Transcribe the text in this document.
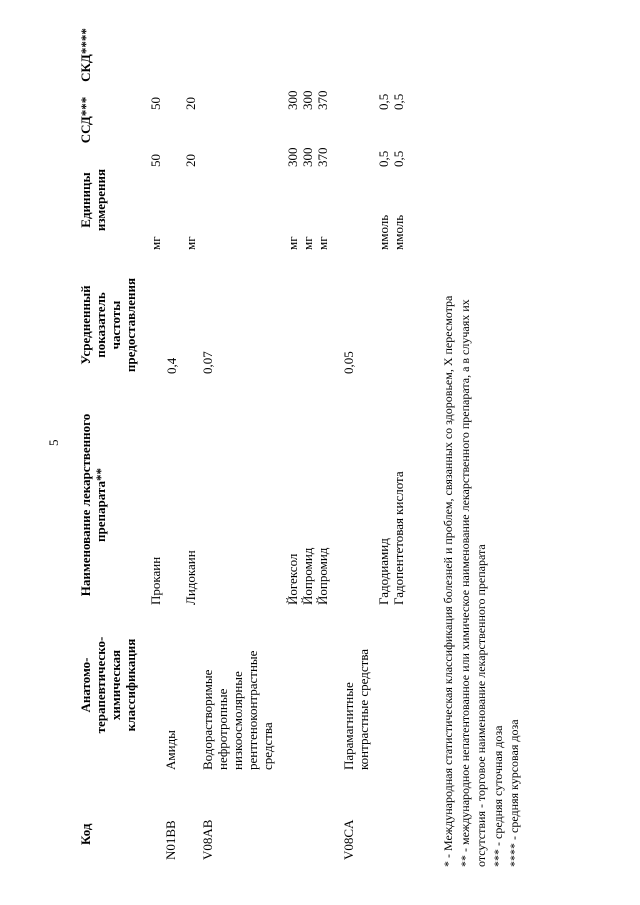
5
Код
Анатомо- терапевтическо- химическая классификация
Наименование лекарственного препарата**
Усредненный показатель частоты предоставления
Единицы измерения
ССД***
СКД****
N01BB
Амиды
Прокаин
мг
50
50
0,4
Лидокаин
мг
20
20
V08AB
Водорастворимые нефротропные низкоосмолярные рентгеноконтрастные средства
0,07
Йогексол Йопромид Йопромид
мг мг мг
300 300 370
300 300 370
V08CA
Парамагнитные контрастные средства
0,05
Гадодиамид Гадопентетовая кислота
ммоль ммоль
0,5 0,5
0,5 0,5
* - Международная статистическая классификация болезней и проблем, связанных со здоровьем, X пересмотра ** - международное непатентованное или химическое наименование лекарственного препарата, а в случаях их отсутствия - торговое наименование лекарственного препарата *** - средняя суточная доза **** - средняя курсовая доза
